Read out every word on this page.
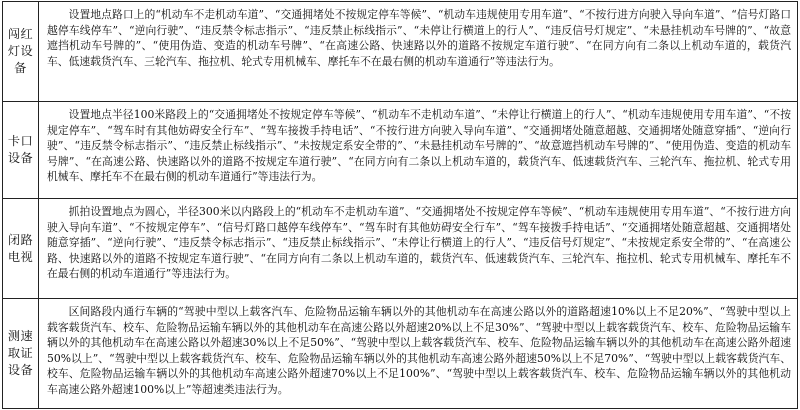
闯红灯设备
设置地点路口上的“机动车不走机动车道”、“交通拥堵处不按规定停车等候”、“机动车违规使用专用车道”、“不按行进方向驶入导向车道”、“信号灯路口越停车线停车”、“逆向行驶”、“违反禁令标志指示”、“违反禁止标线指示”、“未停让行横道上的行人”、“违反信号灯规定”、“未悬挂机动车号牌的”、“故意遮挡机动车号牌的”、“使用伪造、变造的机动车号牌”、“在高速公路、快速路以外的道路不按规定车道行驶”、“在同方向有二条以上机动车道的，载货汽车、低速载货汽车、三轮汽车、拖拉机、轮式专用机械车、摩托车不在最右侧的机动车道通行”等违法行为。
卡口设备
设置地点半径100米路段上的“交通拥堵处不按规定停车等候”、“机动车不走机动车道”、“未停让行横道上的行人”、“机动车违规使用专用车道”、“不按规定停车”、“驾车时有其他妨碍安全行车”、“驾车接拨手持电话”、“不按行进方向驶入导向车道”、“交通拥堵处随意超越、交通拥堵处随意穿插”、“逆向行驶”、“违反禁令标志指示”、“违反禁止标线指示”、“未按规定系安全带的”、“未悬挂机动车号牌的”、“故意遮挡机动车号牌的”、“使用伪造、变造的机动车号牌”、“在高速公路、快速路以外的道路不按规定车道行驶”、“在同方向有二条以上机动车道的，载货汽车、低速载货汽车、三轮汽车、拖拉机、轮式专用机械车、摩托车不在最右侧的机动车道通行”等违法行为。
闭路电视
抓拍设置地点为圆心，半径300米以内路段上的“机动车不走机动车道”、“交通拥堵处不按规定停车等候”、“机动车违规使用专用车道”、“不按行进方向驶入导向车道”、“不按规定停车”、“信号灯路口越停车线停车”、“驾车时有其他妨碍安全行车”、“驾车接拨手持电话”、“交通拥堵处随意超越、交通拥堵处随意穿插”、“逆向行驶”、“违反禁令标志指示”、“违反禁止标线指示”、“未停让行横道上的行人”、“违反信号灯规定”、“未按规定系安全带的”、“在高速公路、快速路以外的道路不按规定车道行驶”、“在同方向有二条以上机动车道的，载货汽车、低速载货汽车、三轮汽车、拖拉机、轮式专用机械车、摩托车不在最右侧的机动车道通行”等违法行为。
测速取证设备
区间路段内通行车辆的“驾驶中型以上载客汽车、危险物品运输车辆以外的其他机动车在高速公路以外的道路超速10%以上不足20%”、“驾驶中型以上载客载货汽车、校车、危险物品运输车辆以外的其他机动车在高速公路以外超速20%以上不足30%”、“驾驶中型以上载客载货汽车、校车、危险物品运输车辆以外的其他机动车在高速公路以外超速30%以上不足50%”、“驾驶中型以上载客载货汽车、校车、危险物品运输车辆以外的其他机动车在高速公路外超速50%以上”、“驾驶中型以上载客载货汽车、校车、危险物品运输车辆以外的其他机动车高速公路外超速50%以上不足70%”、“驾驶中型以上载客载货汽车、校车、危险物品运输车辆以外的其他机动车高速公路外超速70%以上不足100%”、“驾驶中型以上载客载货汽车、校车、危险物品运输车辆以外的其他机动车高速公路外超速100%以上”等超速类违法行为。
